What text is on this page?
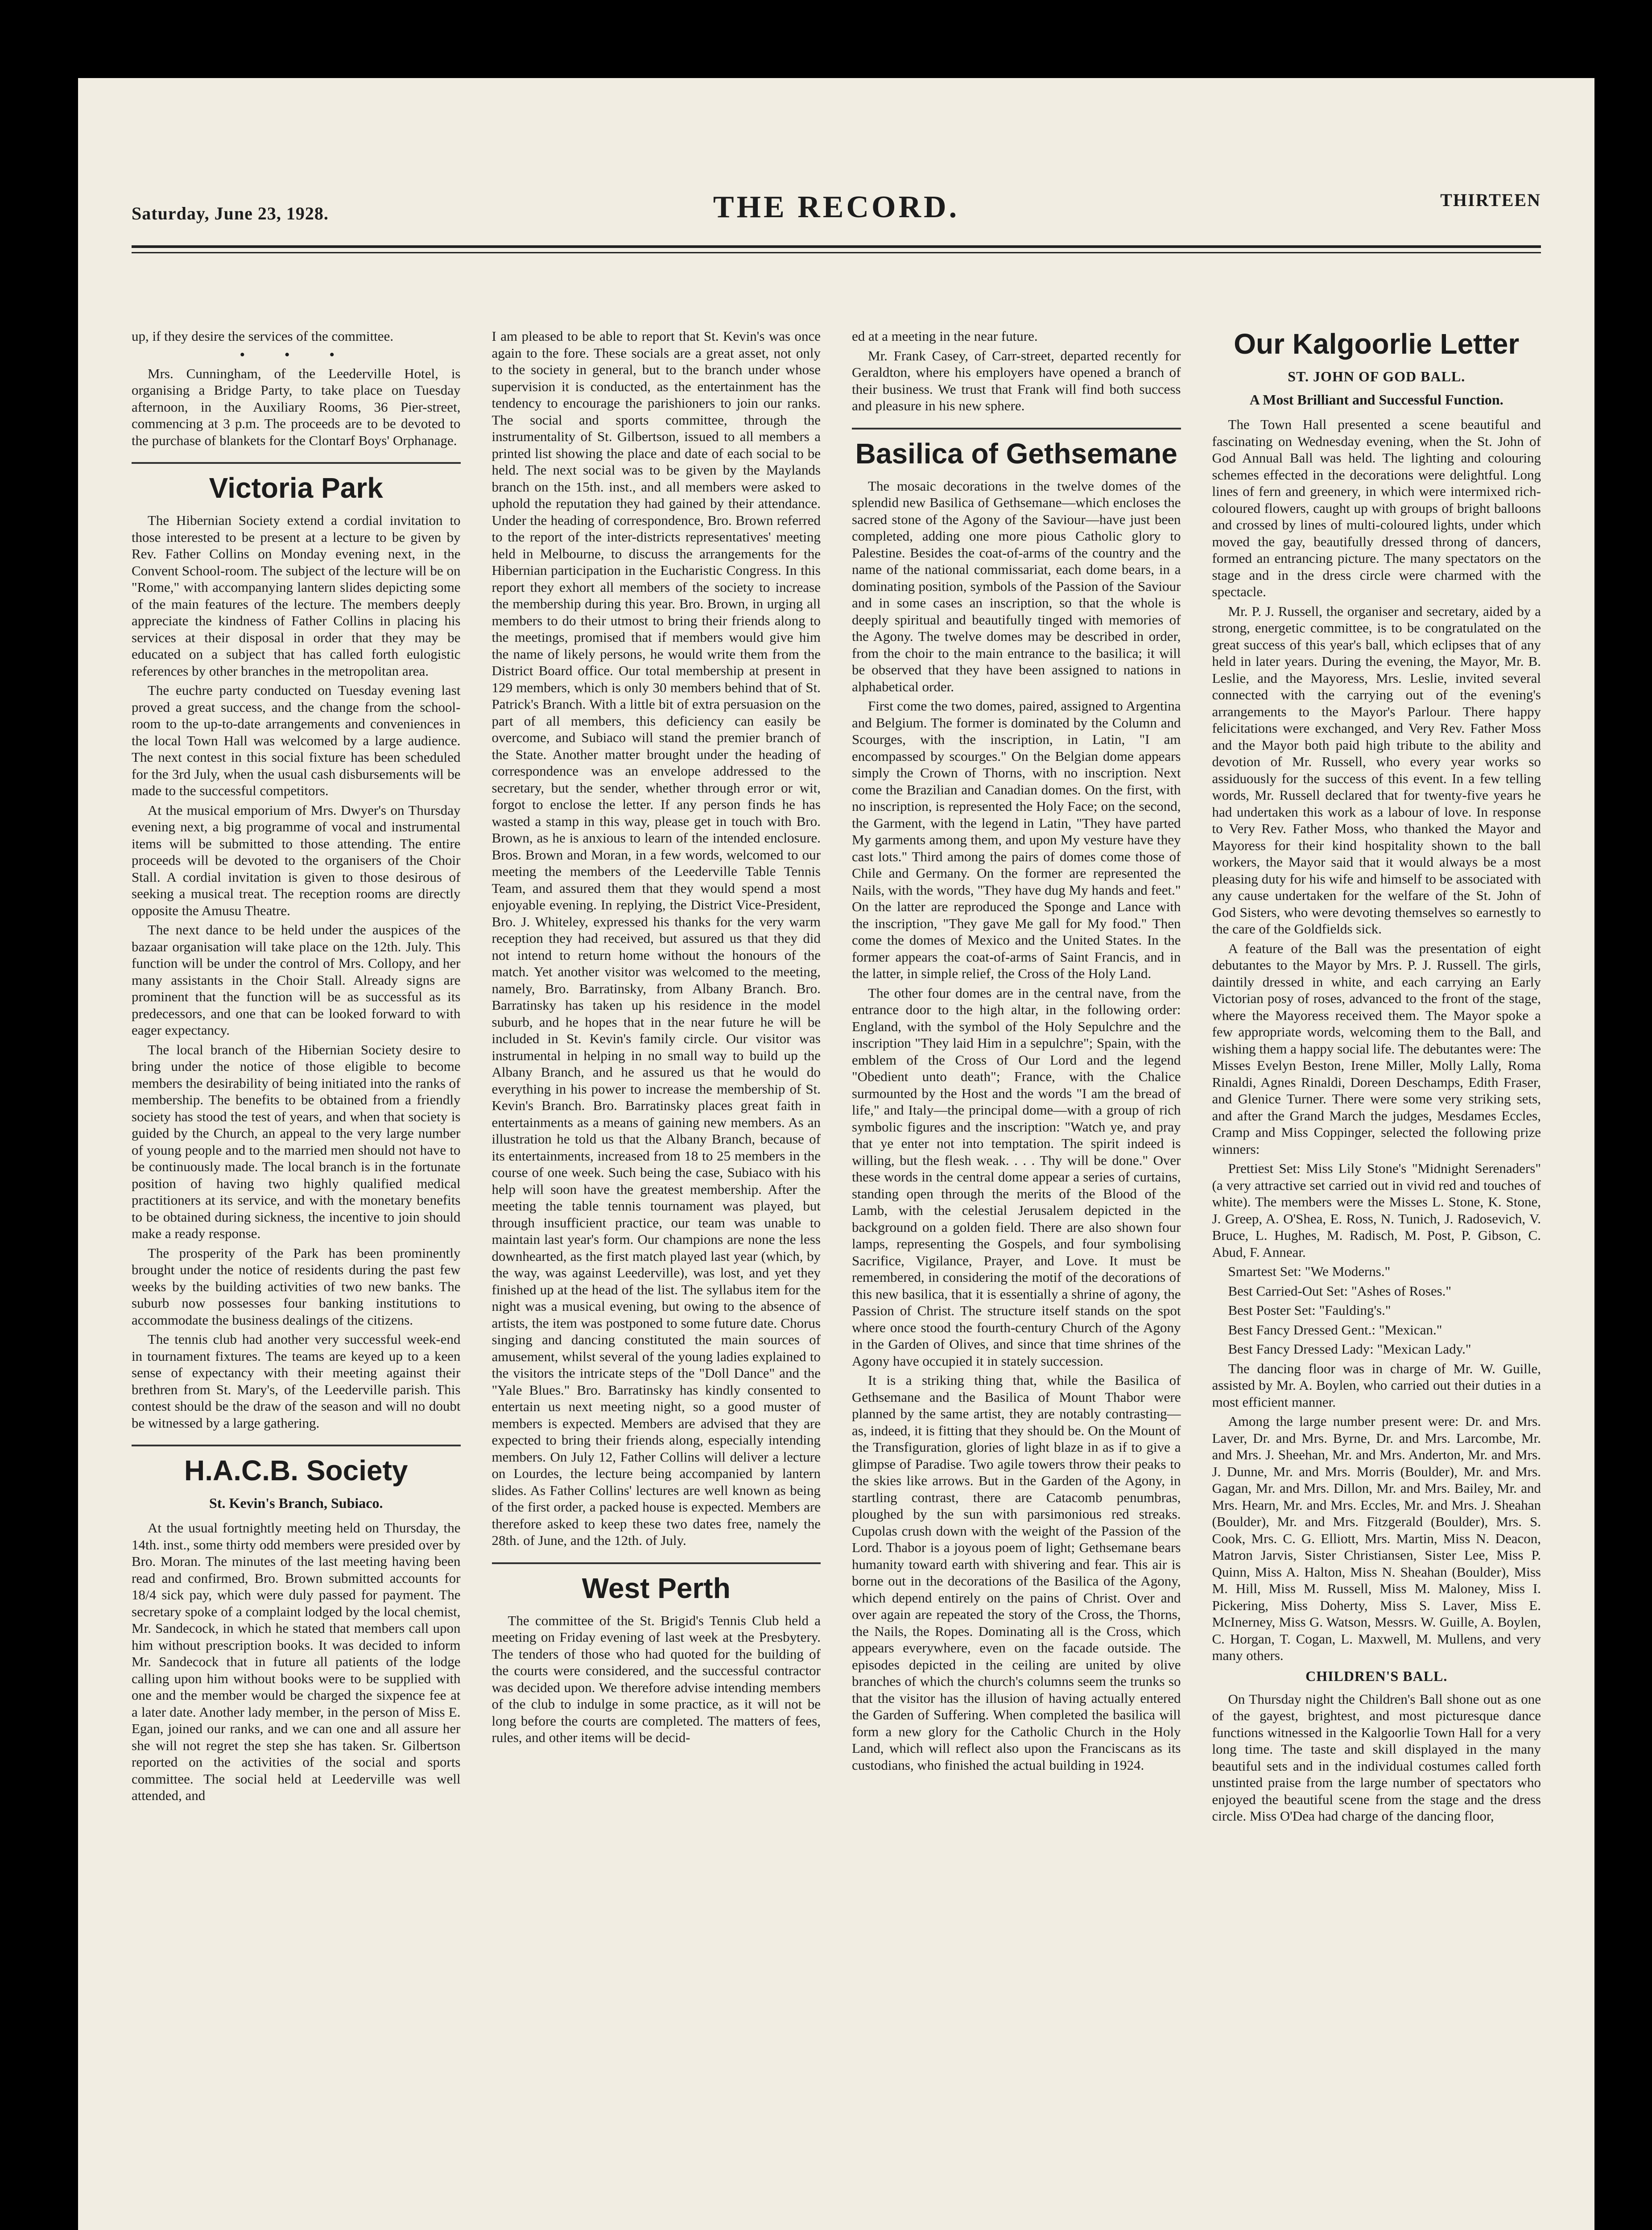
Saturday, June 23, 1928.	THE RECORD.	THIRTEEN

up, if they desire the services of the committee.

• • •

Mrs. Cunningham, of the Leederville Hotel, is organising a Bridge Party, to take place on Tuesday afternoon, in the Auxiliary Rooms, 36 Pier-street, commencing at 3 p.m. The proceeds are to be devoted to the purchase of blankets for the Clontarf Boys' Orphanage.

Victoria Park

The Hibernian Society extend a cordial invitation to those interested to be present at a lecture to be given by Rev. Father Collins on Monday evening next, in the Convent School-room. The subject of the lecture will be on "Rome," with accompanying lantern slides depicting some of the main features of the lecture. The members deeply appreciate the kindness of Father Collins in placing his services at their disposal in order that they may be educated on a subject that has called forth eulogistic references by other branches in the metropolitan area.

The euchre party conducted on Tuesday evening last proved a great success, and the change from the school-room to the up-to-date arrangements and conveniences in the local Town Hall was welcomed by a large audience. The next contest in this social fixture has been scheduled for the 3rd July, when the usual cash disbursements will be made to the successful competitors.

At the musical emporium of Mrs. Dwyer's on Thursday evening next, a big programme of vocal and instrumental items will be submitted to those attending. The entire proceeds will be devoted to the organisers of the Choir Stall. A cordial invitation is given to those desirous of seeking a musical treat. The reception rooms are directly opposite the Amusu Theatre.

The next dance to be held under the auspices of the bazaar organisation will take place on the 12th. July. This function will be under the control of Mrs. Collopy, and her many assistants in the Choir Stall. Already signs are prominent that the function will be as successful as its predecessors, and one that can be looked forward to with eager expectancy.

The local branch of the Hibernian Society desire to bring under the notice of those eligible to become members the desirability of being initiated into the ranks of membership. The benefits to be obtained from a friendly society has stood the test of years, and when that society is guided by the Church, an appeal to the very large number of young people and to the married men should not have to be continuously made. The local branch is in the fortunate position of having two highly qualified medical practitioners at its service, and with the monetary benefits to be obtained during sickness, the incentive to join should make a ready response.

The prosperity of the Park has been prominently brought under the notice of residents during the past few weeks by the building activities of two new banks. The suburb now possesses four banking institutions to accommodate the business dealings of the citizens.

The tennis club had another very successful week-end in tournament fixtures. The teams are keyed up to a keen sense of expectancy with their meeting against their brethren from St. Mary's, of the Leederville parish. This contest should be the draw of the season and will no doubt be witnessed by a large gathering.

H.A.C.B. Society
St. Kevin's Branch, Subiaco.

At the usual fortnightly meeting held on Thursday, the 14th. inst., some thirty odd members were presided over by Bro. Moran. The minutes of the last meeting having been read and confirmed, Bro. Brown submitted accounts for 18/4 sick pay, which were duly passed for payment. The secretary spoke of a complaint lodged by the local chemist, Mr. Sandecock, in which he stated that members call upon him without prescription books. It was decided to inform Mr. Sandecock that in future all patients of the lodge calling upon him without books were to be supplied with one and the member would be charged the sixpence fee at a later date. Another lady member, in the person of Miss E. Egan, joined our ranks, and we can one and all assure her she will not regret the step she has taken. Sr. Gilbertson reported on the activities of the social and sports committee. The social held at Leederville was well attended, and

I am pleased to be able to report that St. Kevin's was once again to the fore. These socials are a great asset, not only to the society in general, but to the branch under whose supervision it is conducted, as the entertainment has the tendency to encourage the parishioners to join our ranks. The social and sports committee, through the instrumentality of St. Gilbertson, issued to all members a printed list showing the place and date of each social to be held. The next social was to be given by the Maylands branch on the 15th. inst., and all members were asked to uphold the reputation they had gained by their attendance. Under the heading of correspondence, Bro. Brown referred to the report of the inter-districts representatives' meeting held in Melbourne, to discuss the arrangements for the Hibernian participation in the Eucharistic Congress. In this report they exhort all members of the society to increase the membership during this year. Bro. Brown, in urging all members to do their utmost to bring their friends along to the meetings, promised that if members would give him the name of likely persons, he would write them from the District Board office. Our total membership at present in 129 members, which is only 30 members behind that of St. Patrick's Branch. With a little bit of extra persuasion on the part of all members, this deficiency can easily be overcome, and Subiaco will stand the premier branch of the State. Another matter brought under the heading of correspondence was an envelope addressed to the secretary, but the sender, whether through error or wit, forgot to enclose the letter. If any person finds he has wasted a stamp in this way, please get in touch with Bro. Brown, as he is anxious to learn of the intended enclosure. Bros. Brown and Moran, in a few words, welcomed to our meeting the members of the Leederville Table Tennis Team, and assured them that they would spend a most enjoyable evening. In replying, the District Vice-President, Bro. J. Whiteley, expressed his thanks for the very warm reception they had received, but assured us that they did not intend to return home without the honours of the match. Yet another visitor was welcomed to the meeting, namely, Bro. Barratinsky, from Albany Branch. Bro. Barratinsky has taken up his residence in the model suburb, and he hopes that in the near future he will be included in St. Kevin's family circle. Our visitor was instrumental in helping in no small way to build up the Albany Branch, and he assured us that he would do everything in his power to increase the membership of St. Kevin's Branch. Bro. Barratinsky places great faith in entertainments as a means of gaining new members. As an illustration he told us that the Albany Branch, because of its entertainments, increased from 18 to 25 members in the course of one week. Such being the case, Subiaco with his help will soon have the greatest membership. After the meeting the table tennis tournament was played, but through insufficient practice, our team was unable to maintain last year's form. Our champions are none the less downhearted, as the first match played last year (which, by the way, was against Leederville), was lost, and yet they finished up at the head of the list. The syllabus item for the night was a musical evening, but owing to the absence of artists, the item was postponed to some future date. Chorus singing and dancing constituted the main sources of amusement, whilst several of the young ladies explained to the visitors the intricate steps of the "Doll Dance" and the "Yale Blues." Bro. Barratinsky has kindly consented to entertain us next meeting night, so a good muster of members is expected. Members are advised that they are expected to bring their friends along, especially intending members. On July 12, Father Collins will deliver a lecture on Lourdes, the lecture being accompanied by lantern slides. As Father Collins' lectures are well known as being of the first order, a packed house is expected. Members are therefore asked to keep these two dates free, namely the 28th. of June, and the 12th. of July.

West Perth

The committee of the St. Brigid's Tennis Club held a meeting on Friday evening of last week at the Presbytery. The tenders of those who had quoted for the building of the courts were considered, and the successful contractor was decided upon. We therefore advise intending members of the club to indulge in some practice, as it will not be long before the courts are completed. The matters of fees, rules, and other items will be decid-

ed at a meeting in the near future.

Mr. Frank Casey, of Carr-street, departed recently for Geraldton, where his employers have opened a branch of their business. We trust that Frank will find both success and pleasure in his new sphere.

Basilica of Gethsemane

The mosaic decorations in the twelve domes of the splendid new Basilica of Gethsemane—which encloses the sacred stone of the Agony of the Saviour—have just been completed, adding one more pious Catholic glory to Palestine. Besides the coat-of-arms of the country and the name of the national commissariat, each dome bears, in a dominating position, symbols of the Passion of the Saviour and in some cases an inscription, so that the whole is deeply spiritual and beautifully tinged with memories of the Agony. The twelve domes may be described in order, from the choir to the main entrance to the basilica; it will be observed that they have been assigned to nations in alphabetical order.

First come the two domes, paired, assigned to Argentina and Belgium. The former is dominated by the Column and Scourges, with the inscription, in Latin, "I am encompassed by scourges." On the Belgian dome appears simply the Crown of Thorns, with no inscription. Next come the Brazilian and Canadian domes. On the first, with no inscription, is represented the Holy Face; on the second, the Garment, with the legend in Latin, "They have parted My garments among them, and upon My vesture have they cast lots." Third among the pairs of domes come those of Chile and Germany. On the former are represented the Nails, with the words, "They have dug My hands and feet." On the latter are reproduced the Sponge and Lance with the inscription, "They gave Me gall for My food." Then come the domes of Mexico and the United States. In the former appears the coat-of-arms of Saint Francis, and in the latter, in simple relief, the Cross of the Holy Land.

The other four domes are in the central nave, from the entrance door to the high altar, in the following order: England, with the symbol of the Holy Sepulchre and the inscription "They laid Him in a sepulchre"; Spain, with the emblem of the Cross of Our Lord and the legend "Obedient unto death"; France, with the Chalice surmounted by the Host and the words "I am the bread of life," and Italy—the principal dome—with a group of rich symbolic figures and the inscription: "Watch ye, and pray that ye enter not into temptation. The spirit indeed is willing, but the flesh weak. . . . Thy will be done." Over these words in the central dome appear a series of curtains, standing open through the merits of the Blood of the Lamb, with the celestial Jerusalem depicted in the background on a golden field. There are also shown four lamps, representing the Gospels, and four symbolising Sacrifice, Vigilance, Prayer, and Love. It must be remembered, in considering the motif of the decorations of this new basilica, that it is essentially a shrine of agony, the Passion of Christ. The structure itself stands on the spot where once stood the fourth-century Church of the Agony in the Garden of Olives, and since that time shrines of the Agony have occupied it in stately succession.

It is a striking thing that, while the Basilica of Gethsemane and the Basilica of Mount Thabor were planned by the same artist, they are notably contrasting—as, indeed, it is fitting that they should be. On the Mount of the Transfiguration, glories of light blaze in as if to give a glimpse of Paradise. Two agile towers throw their peaks to the skies like arrows. But in the Garden of the Agony, in startling contrast, there are Catacomb penumbras, ploughed by the sun with parsimonious red streaks. Cupolas crush down with the weight of the Passion of the Lord. Thabor is a joyous poem of light; Gethsemane bears humanity toward earth with shivering and fear. This air is borne out in the decorations of the Basilica of the Agony, which depend entirely on the pains of Christ. Over and over again are repeated the story of the Cross, the Thorns, the Nails, the Ropes. Dominating all is the Cross, which appears everywhere, even on the facade outside. The episodes depicted in the ceiling are united by olive branches of which the church's columns seem the trunks so that the visitor has the illusion of having actually entered the Garden of Suffering. When completed the basilica will form a new glory for the Catholic Church in the Holy Land, which will reflect also upon the Franciscans as its custodians, who finished the actual building in 1924.

Our Kalgoorlie Letter
ST. JOHN OF GOD BALL.
A Most Brilliant and Successful Function.

The Town Hall presented a scene beautiful and fascinating on Wednesday evening, when the St. John of God Annual Ball was held. The lighting and colouring schemes effected in the decorations were delightful. Long lines of fern and greenery, in which were intermixed rich-coloured flowers, caught up with groups of bright balloons and crossed by lines of multi-coloured lights, under which moved the gay, beautifully dressed throng of dancers, formed an entrancing picture. The many spectators on the stage and in the dress circle were charmed with the spectacle.

Mr. P. J. Russell, the organiser and secretary, aided by a strong, energetic committee, is to be congratulated on the great success of this year's ball, which eclipses that of any held in later years. During the evening, the Mayor, Mr. B. Leslie, and the Mayoress, Mrs. Leslie, invited several connected with the carrying out of the evening's arrangements to the Mayor's Parlour. There happy felicitations were exchanged, and Very Rev. Father Moss and the Mayor both paid high tribute to the ability and devotion of Mr. Russell, who every year works so assiduously for the success of this event. In a few telling words, Mr. Russell declared that for twenty-five years he had undertaken this work as a labour of love. In response to Very Rev. Father Moss, who thanked the Mayor and Mayoress for their kind hospitality shown to the ball workers, the Mayor said that it would always be a most pleasing duty for his wife and himself to be associated with any cause undertaken for the welfare of the St. John of God Sisters, who were devoting themselves so earnestly to the care of the Goldfields sick.

A feature of the Ball was the presentation of eight debutantes to the Mayor by Mrs. P. J. Russell. The girls, daintily dressed in white, and each carrying an Early Victorian posy of roses, advanced to the front of the stage, where the Mayoress received them. The Mayor spoke a few appropriate words, welcoming them to the Ball, and wishing them a happy social life. The debutantes were: The Misses Evelyn Beston, Irene Miller, Molly Lally, Roma Rinaldi, Agnes Rinaldi, Doreen Deschamps, Edith Fraser, and Glenice Turner. There were some very striking sets, and after the Grand March the judges, Mesdames Eccles, Cramp and Miss Coppinger, selected the following prize winners:

Prettiest Set: Miss Lily Stone's "Midnight Serenaders" (a very attractive set carried out in vivid red and touches of white). The members were the Misses L. Stone, K. Stone, J. Greep, A. O'Shea, E. Ross, N. Tunich, J. Radosevich, V. Bruce, L. Hughes, M. Radisch, M. Post, P. Gibson, C. Abud, F. Annear.

Smartest Set: "We Moderns."

Best Carried-Out Set: "Ashes of Roses."

Best Poster Set: "Faulding's."

Best Fancy Dressed Gent.: "Mexican."

Best Fancy Dressed Lady: "Mexican Lady."

The dancing floor was in charge of Mr. W. Guille, assisted by Mr. A. Boylen, who carried out their duties in a most efficient manner.

Among the large number present were: Dr. and Mrs. Laver, Dr. and Mrs. Byrne, Dr. and Mrs. Larcombe, Mr. and Mrs. J. Sheehan, Mr. and Mrs. Anderton, Mr. and Mrs. J. Dunne, Mr. and Mrs. Morris (Boulder), Mr. and Mrs. Gagan, Mr. and Mrs. Dillon, Mr. and Mrs. Bailey, Mr. and Mrs. Hearn, Mr. and Mrs. Eccles, Mr. and Mrs. J. Sheahan (Boulder), Mr. and Mrs. Fitzgerald (Boulder), Mrs. S. Cook, Mrs. C. G. Elliott, Mrs. Martin, Miss N. Deacon, Matron Jarvis, Sister Christiansen, Sister Lee, Miss P. Quinn, Miss A. Halton, Miss N. Sheahan (Boulder), Miss M. Hill, Miss M. Russell, Miss M. Maloney, Miss I. Pickering, Miss Doherty, Miss S. Laver, Miss E. McInerney, Miss G. Watson, Messrs. W. Guille, A. Boylen, C. Horgan, T. Cogan, L. Maxwell, M. Mullens, and very many others.

CHILDREN'S BALL.

On Thursday night the Children's Ball shone out as one of the gayest, brightest, and most picturesque dance functions witnessed in the Kalgoorlie Town Hall for a very long time. The taste and skill displayed in the many beautiful sets and in the individual costumes called forth unstinted praise from the large number of spectators who enjoyed the beautiful scene from the stage and the dress circle. Miss O'Dea had charge of the dancing floor,
